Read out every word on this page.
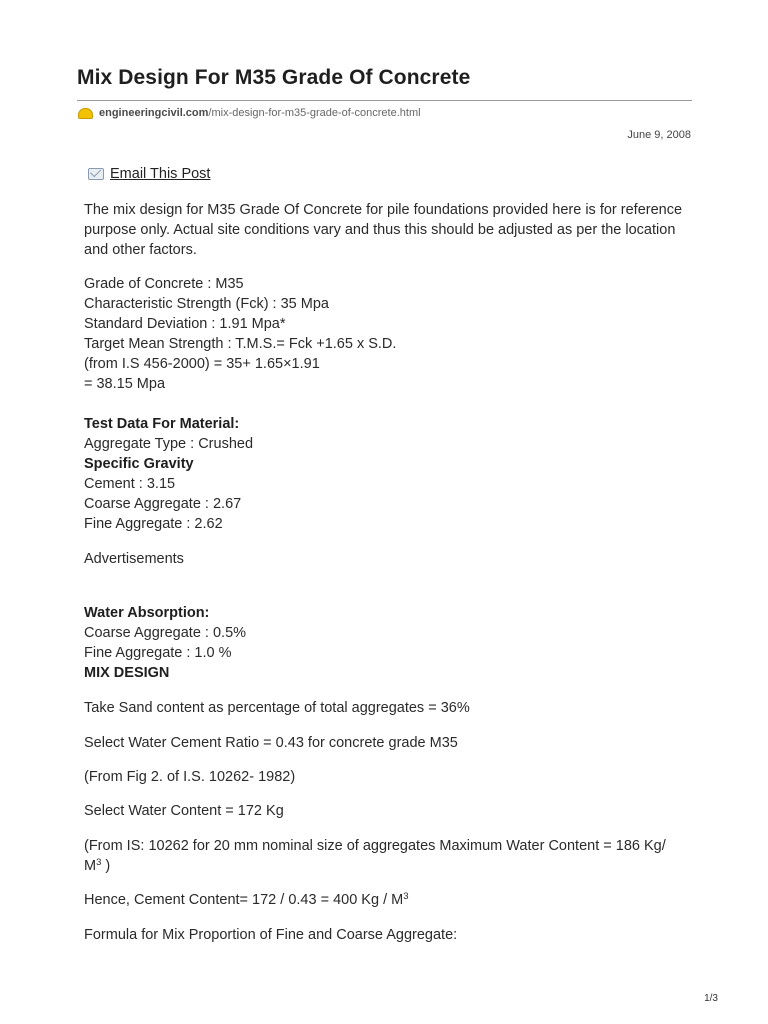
Mix Design For M35 Grade Of Concrete
engineeringcivil.com /mix-design-for-m35-grade-of-concrete.html
June 9, 2008
Email This Post

The mix design for M35 Grade Of Concrete for pile foundations provided here is for reference purpose only. Actual site conditions vary and thus this should be adjusted as per the location and other factors.

Grade of Concrete : M35

Characteristic Strength (Fck) : 35 Mpa

Standard Deviation : 1.91 Mpa*

Target Mean Strength : T.M.S.= Fck +1.65 x S.D.

(from I.S 456-2000) = 35+ 1.65×1.91

= 38.15 Mpa

Test Data For Material:

Aggregate Type : Crushed

Specific Gravity

Cement : 3.15

Coarse Aggregate : 2.67

Fine Aggregate : 2.62

Advertisements

Water Absorption:

Coarse Aggregate : 0.5%

Fine Aggregate : 1.0 %

MIX DESIGN

Take Sand content as percentage of total aggregates = 36%

Select Water Cement Ratio = 0.43 for concrete grade M35

(From Fig 2. of I.S. 10262- 1982)

Select Water Content = 172 Kg

(From IS: 10262 for 20 mm nominal size of aggregates Maximum Water Content = 186 Kg/ $M^3$ )

Hence, Cement Content= 172 / 0.43 = 400 Kg / $M^3$

Formula for Mix Proportion of Fine and Coarse Aggregate:

1/3
